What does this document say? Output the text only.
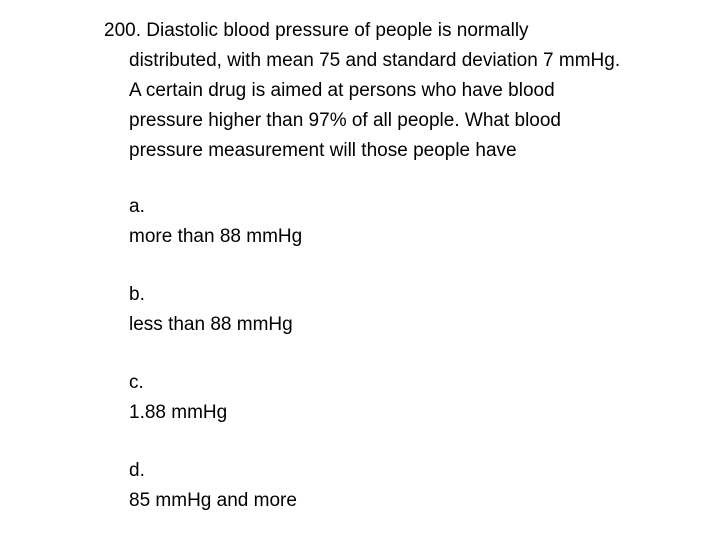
200. Diastolic blood pressure of people is normally
distributed, with mean 75 and standard deviation 7 mmHg.
A certain drug is aimed at persons who have blood
pressure higher than 97% of all people. What blood
pressure measurement will those people have
a.
more than 88 mmHg
b.
less than 88 mmHg
c.
1.88 mmHg
d.
85 mmHg and more
